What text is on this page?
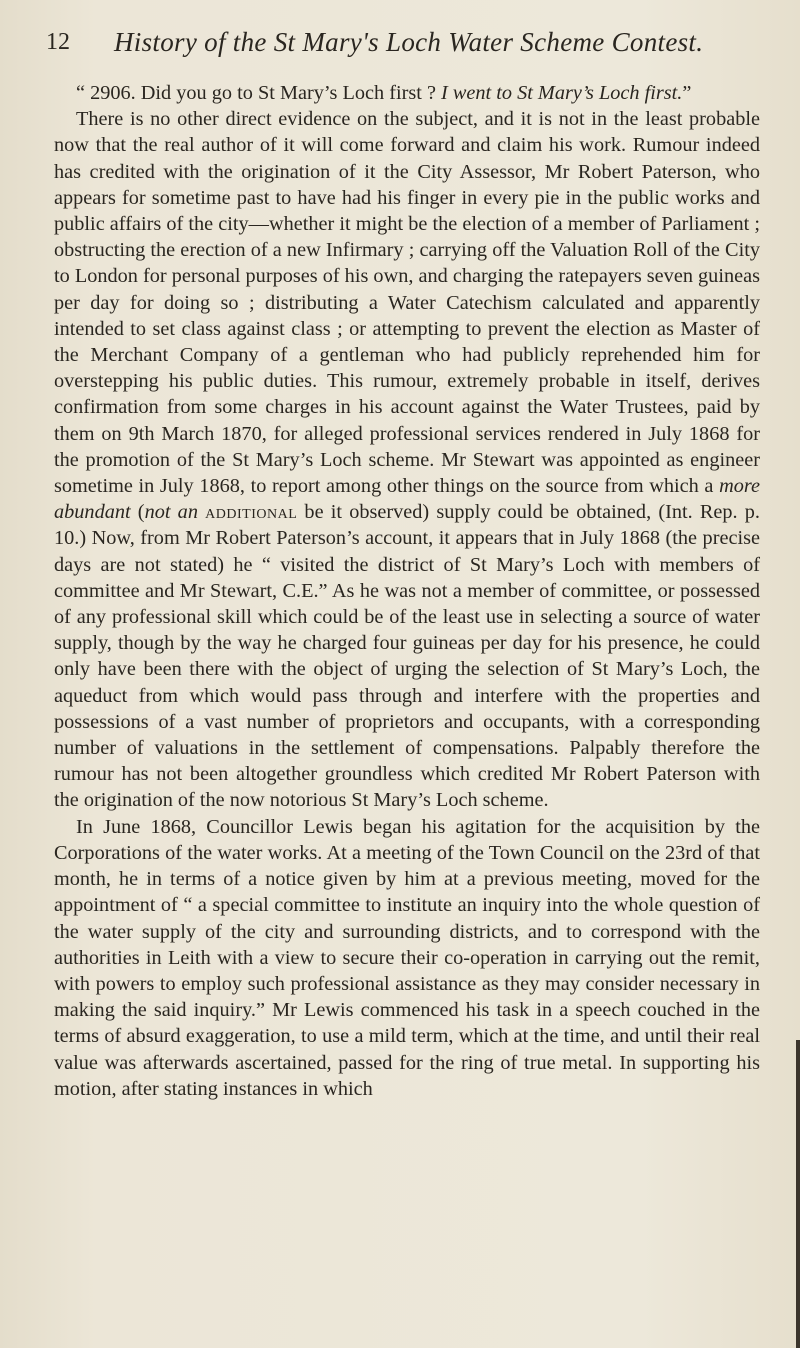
12 History of the St Mary's Loch Water Scheme Contest.

“ 2906. Did you go to St Mary’s Loch first ? I went to St Mary’s Loch first.”

There is no other direct evidence on the subject, and it is not in the least probable now that the real author of it will come forward and claim his work. Rumour indeed has credited with the origination of it the City Assessor, Mr Robert Paterson, who appears for sometime past to have had his finger in every pie in the public works and public affairs of the city—whether it might be the election of a member of Parliament ; obstructing the erection of a new Infirmary ; carrying off the Valuation Roll of the City to London for personal purposes of his own, and charging the ratepayers seven guineas per day for doing so ; distributing a Water Catechism calculated and apparently intended to set class against class ; or attempting to prevent the election as Master of the Merchant Company of a gentleman who had publicly reprehended him for overstepping his public duties. This rumour, extremely probable in itself, derives confirmation from some charges in his account against the Water Trustees, paid by them on 9th March 1870, for alleged professional services rendered in July 1868 for the promotion of the St Mary’s Loch scheme. Mr Stewart was appointed as engineer sometime in July 1868, to report among other things on the source from which a more abundant (not an additional be it observed) supply could be obtained, (Int. Rep. p. 10.) Now, from Mr Robert Paterson’s account, it appears that in July 1868 (the precise days are not stated) he “ visited the district of St Mary’s Loch with members of committee and Mr Stewart, C.E.” As he was not a member of committee, or possessed of any professional skill which could be of the least use in selecting a source of water supply, though by the way he charged four guineas per day for his presence, he could only have been there with the object of urging the selection of St Mary’s Loch, the aqueduct from which would pass through and interfere with the properties and possessions of a vast number of proprietors and occupants, with a corresponding number of valuations in the settlement of compensations. Palpably therefore the rumour has not been altogether groundless which credited Mr Robert Paterson with the origination of the now notorious St Mary’s Loch scheme.

In June 1868, Councillor Lewis began his agitation for the acquisition by the Corporations of the water works. At a meeting of the Town Council on the 23rd of that month, he in terms of a notice given by him at a previous meeting, moved for the appointment of “ a special committee to institute an inquiry into the whole question of the water supply of the city and surrounding districts, and to correspond with the authorities in Leith with a view to secure their co-operation in carrying out the remit, with powers to employ such professional assistance as they may consider necessary in making the said inquiry.” Mr Lewis commenced his task in a speech couched in the terms of absurd exaggeration, to use a mild term, which at the time, and until their real value was afterwards ascertained, passed for the ring of true metal. In supporting his motion, after stating instances in which
